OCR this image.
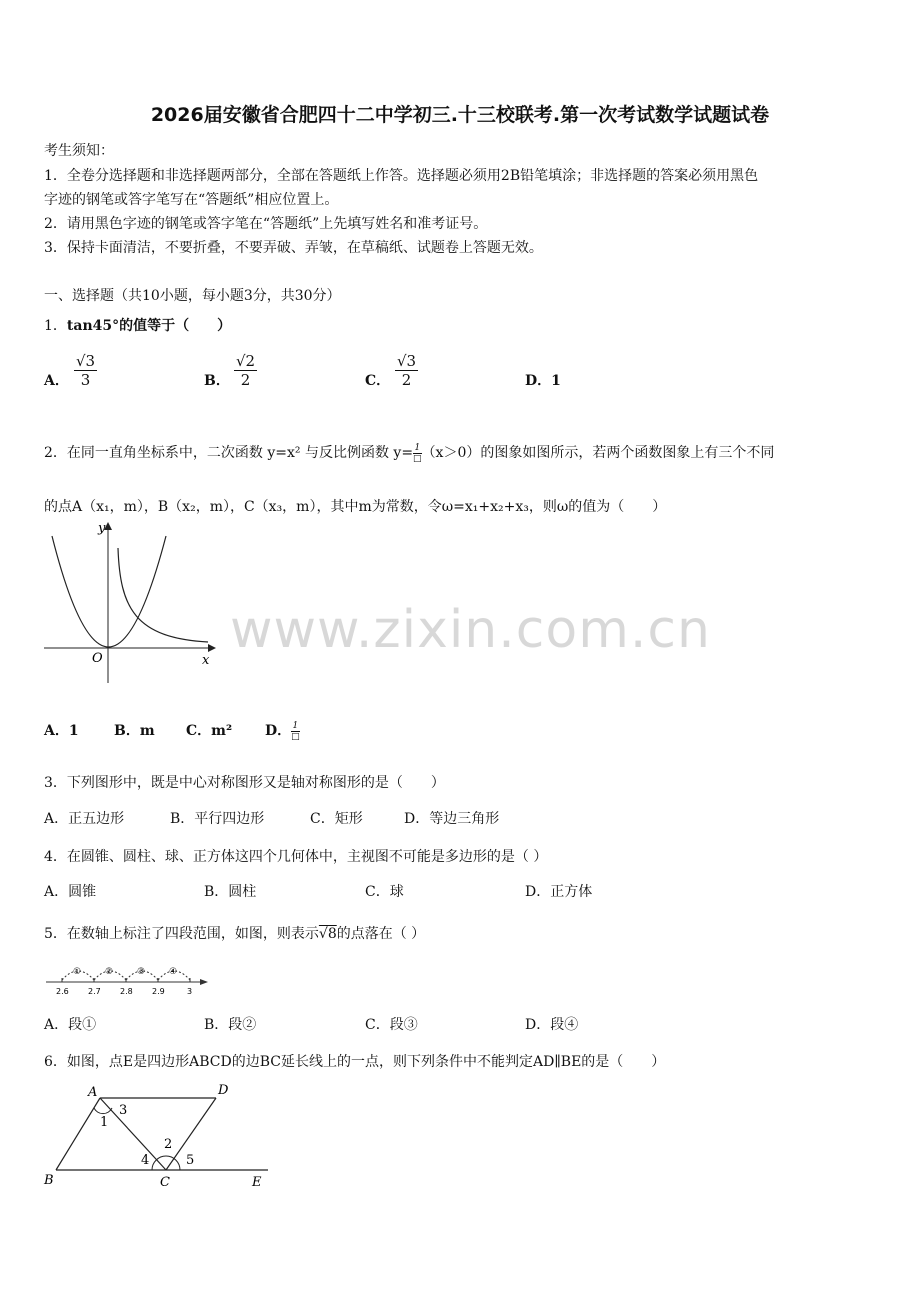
2026届安徽省合肥四十二中学初三.十三校联考.第一次考试数学试题试卷
考生须知：
1．全卷分选择题和非选择题两部分，全部在答题纸上作答。选择题必须用2B铅笔填涂；非选择题的答案必须用黑色
字迹的钢笔或答字笔写在“答题纸”相应位置上。
2．请用黑色字迹的钢笔或答字笔在“答题纸”上先填写姓名和准考证号。
3．保持卡面清洁，不要折叠，不要弄破、弄皱，在草稿纸、试题卷上答题无效。
一、选择题（共10小题，每小题3分，共30分）
1．tan45°的值等于（　　）
A． $\frac{√3}{3}$	B． $\frac{√2}{2}$	C． $\frac{√3}{2}$	D．1
2．在同一直角坐标系中，二次函数 y=x² 与反比例函数 y= 1
□ （x＞0）的图象如图所示，若两个函数图象上有三个不同
的点A（x₁，m），B（x₂，m），C（x₃，m），其中m为常数，令ω=x₁+x₂+x₃，则ω的值为（　　）
y
x
O
A．1	B．m C．m² D． 1
□
www.zixin.com.cn
3．下列图形中，既是中心对称图形又是轴对称图形的是（　　）
A．正五边形	B．平行四边形	C．矩形	D．等边三角形
4．在圆锥、圆柱、球、正方体这四个几何体中，主视图不可能是多边形的是（ ）
A．圆锥	B．圆柱	C．球	D．正方体
5．在数轴上标注了四段范围，如图，则表示√8的点落在（ ）
①	②	③	④
2.6 2.7 2.8 2.9	3
A．段①	B．段②	C．段③	D．段④
6．如图，点E是四边形ABCD的边BC延长线上的一点，则下列条件中不能判定AD∥BE的是（　　）
A	D
B	C	E
1
2
3
4	5
